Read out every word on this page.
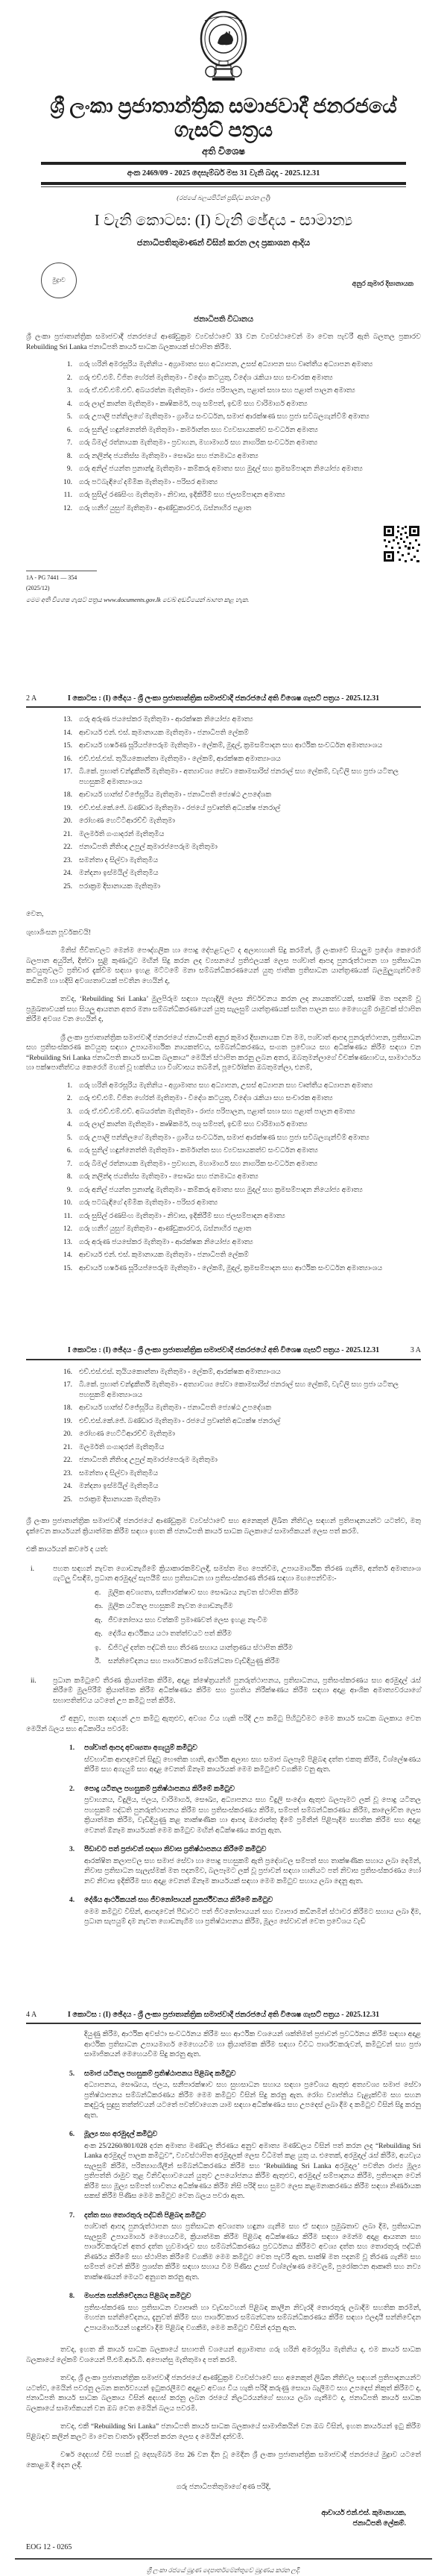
ශ්‍රී ලංකා ප්‍රජාතාන්ත්‍රික සමාජවාදී ජනරජයේ ගැසට් පත්‍රය
අති විශෙෂ
අංක 2469/09 - 2025 දෙසැම්බර් මස 31 වැනි බදාදා - 2025.12.31
(රජයේ බලයපිටින් ප්‍රසිද්ධ කරන ලදී)
I වැනි කොටස: (I) වැනි ඡේදය - සාමාන්‍ය
ජනාධිපතිතුමාණන් විසින් කරන ලද ප්‍රකාශන ආදිය
මුද්‍රාව	අනුර කුමාර දිසානායක
ජනාධිපති විධානය
ශ්‍රී ලංකා ප්‍රජාතාන්ත්‍රික සමාජවාදී ජනරජයේ ආණ්ඩුක්‍රම ව්‍යවස්ථාවේ 33 වන ව්‍යවස්ථාවෙන් මා වෙත පැවරී ඇති බලතල ප්‍රකාරව Rebuilding Sri Lanka ජනාධිපති කාර්ය සාධක බලකායක් ස්ථාපිත කිරීම.
1. ගරු හරිනි අමරසූරිය මැතිනිය - අග්‍රාමාත්‍ය සහ අධ්‍යාපන, උසස් අධ්‍යාපන සහ වෘත්තීය අධ්‍යාපන අමාත්‍ය
2. ගරු එච්.එම්. විජිත හේරත් මැතිතුමා - විදේශ කටයුතු, විදේශ රැකියා සහ සංචාරක අමාත්‍ය
3. ගරු ඒ.එච්.එම්.එච්. අබයරත්න මැතිතුමා - රාජ්‍ය පරිපාලන, පළාත් සභා සහ පළාත් පාලන අමාත්‍ය
4. ගරු ලාල් කාන්ත මැතිතුමා - කෘෂිකර්ම, පශු සම්පත්, ඉඩම් සහ වාරිමාර්ග අමාත්‍ය
5. ගරු උපාලි පන්නිලගේ මැතිතුමා - ග්‍රාමීය සංවර්ධන, සමාජ ආරක්ෂණ සහ ප්‍රජා සවිබලගැන්වීම් අමාත්‍ය
6. ගරු සුනිල් හඳුන්නෙත්ති මැතිතුමා - කර්මාන්ත සහ ව්‍යවසායකත්ව සංවර්ධන අමාත්‍ය
7. ගරු බිමල් රත්නායක මැතිතුමා - ප්‍රවාහන, මහාමාර්ග සහ නාගරික සංවර්ධන අමාත්‍ය
8. ගරු නලින්ද ජයතිස්ස මැතිතුමා - සෞඛ්‍ය සහ ජනමාධ්‍ය අමාත්‍ය
9. ගරු අනිල් ජයන්ත ප්‍රනාන්දු මැතිතුමා - කම්කරු අමාත්‍ය සහ මුදල් සහ ක්‍රමසම්පාදන නියෝජ්‍ය අමාත්‍ය
10. ගරු පටබැඳිගේ දම්මික මැතිතුමා - පරිසර අමාත්‍ය
11. ගරු සුසිල් රණසිංහ මැතිතුමා - නිවාස, ඉදිකිරීම් සහ ජලසම්පාදන අමාත්‍ය
12. ගරු හනීෆ් යුසුෆ් මැතිතුමා - ආණ්ඩුකාරවර, බස්නාහිර පළාත
1A - PG 7441 — 354 (2025/12)
මෙම අති විශෙෂ ගැසට් පත්‍රය www.documents.gov.lk වෙබ් අඩවියෙන් බාගත කළ හැක.
2 A	I කොටස : (I) ඡේදය - ශ්‍රී ලංකා ප්‍රජාතාන්ත්‍රික සමාජවාදී ජනරජයේ අති විශෙෂ ගැසට් පත්‍රය - 2025.12.31
13. ගරු අරුණ ජයසේකර මැතිතුමා - ආරක්ෂක නියෝජ්‍ය අමාත්‍ය
14. ආචාර්ය එන්. එස්. කුමානායක මැතිතුමා - ජනාධිපති ලේකම්
15. ආචාර්ය හර්ෂණ සූරියප්පෙරුම මැතිතුමා - ලේකම්, මුදල්, ක්‍රමසම්පාදන සහ ආර්ථික සංවර්ධන අමාත්‍යාංශය
16. එච්.එස්.එස්. තුයියකොන්තා මැතිතුමා - ලේකම්, ආරක්ෂක අමාත්‍යාංශය
17. බී.කේ. ප්‍රභාත් චන්ද්‍රකීර්ති මැතිතුමා - අත්‍යාවශ්‍ය සේවා කොමසාරිස් ජනරාල් සහ ලේකම්, වැවිලි සහ ප්‍රජා යටිතල පහසුකම් අමාත්‍යාංශය
18. ආචාර්ය හාන්ස් විජේසූරිය මැතිතුමා - ජනාධිපති ජ්‍යෙෂ්ඨ උපදේශක
19. එච්.එස්.කේ.ජේ. බණ්ඩාර මැතිතුමා - රජයේ ප්‍රවෘත්ති අධ්‍යක්ෂ ජනරාල්
20. රෝහණ හෙට්ටිආරච්චි මැතිතුමා
21. මලර්මති ගංගාදරන් මැතිතුමිය
22. ජනාධිපති නීතිඥ උපුල් කුමාරප්පෙරුම මැතිතුමා
23. සමන්තා ද සිල්වා මැතිතුමිය
24. මන්දනා ඉස්මයිල් මැතිතුමිය
25. පරාක්‍රම දිසානායක මැතිතුමා
වෙත,
ශුභාශිංසන පූර්වකවයි!
මිනිස් ජීවිතවලට මෙන්ම පෞද්ගලික හා පොදු දේපළවලට ද අලාභහානි සිදු කරමින්, ශ්‍රී ලංකාවේ සියලුම ප්‍රදේශ කෙරෙහි බලපාන අයුරින්, දිත්වා සුළි කුණාටුව මඟින් සිදු කරන ලද ව්‍යසනයේ ප්‍රතිඵලයක් ලෙස පශ්චාත් ආපදා පුනරුත්ථාපන හා ප්‍රතිසාධන කටයුතුවලට ප්‍රතිචාර දැක්වීම සඳහා ඉහළ මට්ටමේ මනා සම්බන්ධීකරණයෙන් යුතු ජාතික ප්‍රතිසාධන යාන්ත්‍රණයක් බලමුලුගැන්වීමේ කඩිනම් හා හදිසි අවශ්‍යතාවයක් පවතින හෙයින් ද,
තවද, ‘Rebuilding Sri Lanka’ මුලපිරුම සඳහා පැහැදිලි ලෙස නිර්වචනය කරන ලද නායකත්වයක්, සාක්ෂි මත පදනම් වූ ප්‍රමුඛතාවයක් සහ සියලු ආයතන අතර මනා සම්බන්ධීකරණයෙන් යුතු සැලසුම් යාන්ත්‍රණයක් සහිත පාලන සහ මෙහෙයුම් රාමුවක් ස්ථාපිත කිරීම අවශ්‍ය වන හෙයින් ද,
ශ්‍රී ලංකා ප්‍රජාතාන්ත්‍රික සමාජවාදී ජනරජයේ ජනාධිපති අනුර කුමාර දිසානායක වන මම, පශ්චාත් ආපදා පුනරුත්ථාපන, ප්‍රතිසාධන සහ ප්‍රතිසංස්කරණ කටයුතු සඳහා උපායමාර්ගික නායකත්වය, සම්බන්ධීකරණය, සංගත ප්‍රවේශය සහ අධීක්ෂණය කිරීම සඳහා වන “Rebuilding Sri Lanka ජනාධිපති කාර්ය සාධක බලකාය” මෙයින් ස්ථාපිත කරනු ලබන අතර, ඔබතුමන්ලාගේ විචක්ෂණභාවය, සාමාර්ථ්‍යය හා පක්ෂපාතීත්වය කෙරෙහි මහත් වූ භක්තිය හා විශ්වාසය තබමින්, පූර්වෝක්ත ඔබතුමන්ලා, එනම්,
1. ගරු හරිනි අමරසූරිය මැතිනිය - අග්‍රාමාත්‍ය සහ අධ්‍යාපන, උසස් අධ්‍යාපන සහ වෘත්තීය අධ්‍යාපන අමාත්‍ය
2. ගරු එච්.එම්. විජිත හේරත් මැතිතුමා - විදේශ කටයුතු, විදේශ රැකියා සහ සංචාරක අමාත්‍ය
3. ගරු ඒ.එච්.එම්.එච්. අබයරත්න මැතිතුමා - රාජ්‍ය පරිපාලන, පළාත් සභා සහ පළාත් පාලන අමාත්‍ය
4. ගරු ලාල් කාන්ත මැතිතුමා - කෘෂිකර්ම, පශු සම්පත්, ඉඩම් සහ වාරිමාර්ග අමාත්‍ය
5. ගරු උපාලි පන්නිලගේ මැතිතුමා - ග්‍රාමීය සංවර්ධන, සමාජ ආරක්ෂණ සහ ප්‍රජා සවිබලගැන්වීම් අමාත්‍ය
6. ගරු සුනිල් හඳුන්නෙත්ති මැතිතුමා - කර්මාන්ත සහ ව්‍යවසායකත්ව සංවර්ධන අමාත්‍ය
7. ගරු බිමල් රත්නායක මැතිතුමා - ප්‍රවාහන, මහාමාර්ග සහ නාගරික සංවර්ධන අමාත්‍ය
8. ගරු නලින්ද ජයතිස්ස මැතිතුමා - සෞඛ්‍ය සහ ජනමාධ්‍ය අමාත්‍ය
9. ගරු අනිල් ජයන්ත ප්‍රනාන්දු මැතිතුමා - කම්කරු අමාත්‍ය සහ මුදල් සහ ක්‍රමසම්පාදන නියෝජ්‍ය අමාත්‍ය
10. ගරු පටබැඳිගේ දම්මික මැතිතුමා - පරිසර අමාත්‍ය
11. ගරු සුසිල් රණසිංහ මැතිතුමා - නිවාස, ඉදිකිරීම් සහ ජලසම්පාදන අමාත්‍ය
12. ගරු හනීෆ් යුසුෆ් මැතිතුමා - ආණ්ඩුකාරවර, බස්නාහිර පළාත
13. ගරු අරුණ ජයසේකර මැතිතුමා - ආරක්ෂක නියෝජ්‍ය අමාත්‍ය
14. ආචාර්ය එන්. එස්. කුමානායක මැතිතුමා - ජනාධිපති ලේකම්
15. ආචාර්ය හර්ෂණ සූරියප්පෙරුම මැතිතුමා - ලේකම්, මුදල්, ක්‍රමසම්පාදන සහ ආර්ථික සංවර්ධන අමාත්‍යාංශය
I කොටස : (I) ඡේදය - ශ්‍රී ලංකා ප්‍රජාතාන්ත්‍රික සමාජවාදී ජනරජයේ අති විශෙෂ ගැසට් පත්‍රය - 2025.12.31	3 A
16. එච්.එස්.එස්. තුයියකොන්තා මැතිතුමා - ලේකම්, ආරක්ෂක අමාත්‍යාංශය
17. බී.කේ. ප්‍රභාත් චන්ද්‍රකීර්ති මැතිතුමා - අත්‍යාවශ්‍ය සේවා කොමසාරිස් ජනරාල් සහ ලේකම්, වැවිලි සහ ප්‍රජා යටිතල පහසුකම් අමාත්‍යාංශය
18. ආචාර්ය හාන්ස් විජේසූරිය මැතිතුමා - ජනාධිපති ජ්‍යෙෂ්ඨ උපදේශක
19. එච්.එස්.කේ.ජේ. බණ්ඩාර මැතිතුමා - රජයේ ප්‍රවෘත්ති අධ්‍යක්ෂ ජනරාල්
20. රෝහණ හෙට්ටිආරච්චි මැතිතුමා
21. මලර්මති ගංගාදරන් මැතිතුමිය
22. ජනාධිපති නීතිඥ උපුල් කුමාරප්පෙරුම මැතිතුමා
23. සමන්තා ද සිල්වා මැතිතුමිය
24. මන්දනා ඉස්මයිල් මැතිතුමිය
25. පරාක්‍රම දිසානායක මැතිතුමා
ශ්‍රී ලංකා ප්‍රජාතාන්ත්‍රික සමාජවාදී ජනරජයේ ආණ්ඩුක්‍රම ව්‍යවස්ථාවේ සහ අනෙකුත් ලිඛිත නීතිවල සඳහන් ප්‍රතිපාදනයන්ට යටත්ව, මතු දැක්වෙන කාර්යයන් ක්‍රියාත්මක කිරීම සඳහා ඉහත කී ජනාධිපති කාර්ය සාධක බලකායේ සාමාජිකයන් ලෙස පත් කරමි.
එකී කාර්යයන් කවරේ ද යත්:
i.	පහත සඳහන් නැවත ගොඩනැගීමේ ක්‍රියාකාරකම්වලදී, සමස්ත මඟ පෙන්වීම, උපායමාර්ගික තීරණ ගැනීම, අන්තර් අමාත්‍යාංශ ගැටලු විසඳීම, ප්‍රධාන අරමුදල් සැපයීම් සහ ප්‍රතිසාධන හා ප්‍රතිසංස්කරණ තීරණ සඳහා මඟපෙන්වීම:-
අ.	මූලික අවශ්‍යතා, සනීපාරක්ෂාව සහ සෞඛ්‍යය නැවත ස්ථාපිත කිරීම
ආ. මූලික යටිතල පහසුකම් නැවත ගොඩනැගීම
ඇ. ජීවනෝපාය සහ වත්කම් ප්‍රමාණවත් ලෙස ඉහළ නැංවීම
ඈ. දේශීය ආර්ථිකය යථා තත්ත්වයට පත් කිරීම
ඉ.	ඩිජිටල් දත්ත පද්ධති සහ තීරණ සහාය යාන්ත්‍රණය ස්ථාපිත කිරීම
ඊ.	සන්නිවේදනය සහ පාර්ශවකාර සම්බන්ධතා වැඩිදියුණු කිරීම
ii.	ප්‍රධාන කමිටුවේ තීරණ ක්‍රියාත්මක කිරීම, අදාළ ක්ෂේත්‍රයන්හි පුනරුත්ථාපනය, ප්‍රතිසාධනය, ප්‍රතිසංස්කරණය සහ අරමුදල් රැස් කිරීමේ මුලපිරීම් ක්‍රියාත්මක කිරීම අධීක්ෂණය කිරීම සහ ප්‍රගතිය නිරීක්ෂණය කිරීම සඳහා අදාළ ආංශික අමාත්‍යවරයාගේ සභාපතිත්වය යටතේ උප කමිටු පත් කිරීම.
ඒ අනුව, පහත සඳහන් උප කමිටු ඇතුළුව, අවශ්‍ය විය හැකි පරිදි උප කමිටු පිහිටුවීමට මෙම කාර්ය සාධක බලකාය වෙත මෙයින් බලය සහ අධිකාරිය පවරමි:
1.	පශ්චාත් ආපදා අවශ්‍යතා අගැයුම් කමිටුව
ස්වභාවික ආපදාවෙන් සිදුවූ භෞතික හානි, ආර්ථික අලාභ සහ සමාජ බලපෑම් පිළිබඳ දත්ත එකතු කිරීම, විශ්ලේෂණය කිරීම සහ අගැයුම් සහ අදාළ වෙනත් ඕනෑම කාර්යයක් මෙම කමිටුවේ වගකීම වනු ඇත.
2.	පොදු යටිතල පහසුකම් ප්‍රතිෂ්ඨාපනය කිරීමේ කමිටුව
ප්‍රවාහනය, විදුලිය, ජලය, වාරිමාර්ග, සෞඛ්‍ය, අධ්‍යාපනය සහ විදුලි සංදේශ ඇතුළු බලපෑමට ලක් වූ පොදු යටිතල පහසුකම් පද්ධති පුනරුත්ථාපනය කිරීම සහ ප්‍රතිසංස්කරණය කිරීම, සම්පත් සම්බන්ධීකරණය කිරීම, කාලෝචිත ලෙස ක්‍රියාත්මක කිරීම, වැඩිදියුණු කළ තාක්ෂණික හා ආපදා ඔරොත්තු දීමේ ප්‍රමිතීන් පිළිපැදීම සහතික කිරීම සහ අදාළ වෙනත් ඕනෑම කාර්යයක් මෙම කමිටුව මඟින් අධීක්ෂණය කරනු ඇත.
3.	පීඩාවට පත් ප්‍රජාවන් සඳහා නිවාස ප්‍රතිෂ්ඨාපනය කිරීමේ කමිටුව
ආරක්ෂිත කලාපවල සහ සමාජ සේවා හා පොදු පහසුකම් ඇති ප්‍රදේශවල සම්පත් සහ තාක්ෂණික සහාය ලබා දෙමින්, නිවාස ප්‍රතිසාධන සැලැස්මක් මත පදනම්ව, බලපෑමට ලක් වූ ප්‍රජාවන් සඳහා හානියට පත් නිවාස ප්‍රතිසංස්කරණය හෝ නව නිවාස ඉදිකිරීම සහ අදාළ වෙනත් ඕනෑම කාර්යයක් සඳහා මෙම කමිටුව සහාය ලබා දෙනු ඇත.
4.	දේශීය ආර්ථිකයන් සහ ජීවනෝපායන් පුනර්ජීවනය කිරීමේ කමිටුව
මෙම කමිටුව විසින්, ආපදාවෙන් පීඩාවට පත් ජීවනෝපායයන් සහ ව්‍යාපාර කඩිනමින් ස්ථාවර කිරීමට සහාය ලබා දීම, ප්‍රධාන සැපයුම් දාම නැවත ගොඩනැගීම හා ප්‍රතිෂ්ඨාපනය කිරීම, මූල්‍ය සේවාවන් වෙත ප්‍රවේශය වැඩි
4 A	I කොටස : (I) ඡේදය - ශ්‍රී ලංකා ප්‍රජාතාන්ත්‍රික සමාජවාදී ජනරජයේ අති විශෙෂ ගැසට් පත්‍රය - 2025.12.31
දියුණු කිරීම, ආර්ථික අවස්ථා සංවර්ධනය කිරීම සහ ආර්ථික වශයෙන් ශක්තිමත් ප්‍රජාවන් ප්‍රවර්ධනය කිරීම සඳහා අදාළ ආර්ථික ප්‍රතිසාධන උපායමාර්ග මෙහෙයවීම හා ක්‍රියාත්මක කිරීම සඳහා විවිධ පාර්ශ්වකරුවන්, කමිටුවන් සහ ප්‍රජා සාමාජිකයන් මෙහෙයවීම සිදු කරනු ඇත.
5.	සමාජ යටිතල පහසුකම් ප්‍රතිෂ්ඨාපනය පිළිබඳ කමිටුව
අධ්‍යාපනය, සෞඛ්‍යය, ජලය, සනීපාරක්ෂාව සහ සුභසාධන සහාය සඳහා ප්‍රවේශය ඇතුළු අත්‍යවශ්‍ය සමාජ සේවා ප්‍රතිෂ්ඨාපනය සම්බන්ධීකරණය කිරීම මෙම කමිටුව විසින් සිදු කරනු ඇත. රෝග ව්‍යාප්තිය වැළැක්වීම සහ සහන කඳවුරු සුදුසු තත්ත්වයන් යටතේ පවත්වාගෙන යාම සඳහා අධීක්ෂණය සහ උපදෙස් ලබා දීම ද කමිටුව විසින් සිදු කරනු ඇත.
6.	මූල්‍ය සහ අරමුදල් කමිටුව
අංක 25/2260/801/028 දරන අමාත්‍ය මණ්ඩල තීරණය අනුව අමාත්‍ය මණ්ඩලය විසින් පත් කරන ලද “Rebuilding Sri Lanka අරමුදල් පාලක කමිටුව”, ව්‍යවස්ථාපිත අරමුදලක් ලෙස විධිමත් කළ යුතු ය. එතෙක්, අරමුදල් රැස් කිරීම, අයවැය සැලසුම් කිරීම, පරිත්‍යාගශීලීන් සම්බන්ධීකරණය කිරීම සහ ‘Rebuilding Sri Lanka අරමුදල’ පවතින රාජ්‍ය මූල්‍ය ප්‍රතිපත්ති රාමුව තුළ විනිවිදභාවයෙන් යුතුව උපයෝජනය කිරීම ඇතුළුව, අරමුදල් සම්පාදනය කිරීම, ප්‍රතිපාදන වෙන් කිරීම සහ මූල්‍ය සම්පත් භාවිතය අධීක්ෂණය කිරීම නිසි පරිදි සහ සුමට ලෙස කළමනාකරණය කිරීම සඳහා නිර්ණායක සකස් කිරීම පිණිස මෙම කමිටුව වෙත බලය පවරා ඇත.
7.	දත්ත සහ තොරතුරු පද්ධති පිළිබඳ කමිටුව
පශ්චාත් ආපදා පුනරුත්ථාපන සහ ප්‍රතිසාධන අවශ්‍යතා හඳුනා ගැනීම සහ ඒ සඳහා ප්‍රමුඛතාව ලබා දීම, ප්‍රතිසාධන සැලසුම් උපායමාර්ග මෙහෙයවීම, ක්‍රියාත්මක කිරීම පිළිබඳ අධීක්ෂණය කිරීම සඳහා මෙන්ම අදාළ ආයතන සහ පාර්ශ්වකරුවන් අතර දත්ත හුවමාරුව සහ සම්බන්ධීකරණය ප්‍රවර්ධනය කිරීමට අවශ්‍ය දත්ත සහ තොරතුරු පද්ධති නිර්ණය කිරීමේ සහ ස්ථාපිත කිරීමේ වගකීම මෙම කමිටුව වෙත පැවරී ඇත. සාක්ෂි මත පදනම් වූ තීරණ ගැනීම සහ සම්පත් වෙන් කිරීම ප්‍රශස්ත කිරීම සඳහා සහාය වීම පිණිස උසස් විශ්ලේෂණ මෙවලම්, පුරෝකථන ආකෘති සහ නව්‍ය තාක්ෂණයන් මෙයට අනුගත කරනු ඇත.
8.	මහජන සන්නිවේදනය පිළිබඳ කමිටුව
ප්‍රතිසංස්කරණ සහ ප්‍රතිසාධන ව්‍යාපෘති හා වැඩසටහන් පිළිබඳ කාලීන නිවැරදි තොරතුරු ලබාදීම සහතික කරමින්, මහජන සන්නිවේදනය, දැනුවත් කිරීම සහ පාර්ශ්වකාර සම්බන්ධතා සම්බන්ධීකරණය කිරීම සඳහා ඵලදායී සන්නිවේදන උපායමාර්ගයන් හඳුන්වා දීම පිළිබඳ වගකීම, මෙම කමිටුව විසින් දරනු ඇත.
තවද, ඉහත කී කාර්ය සාධක බලකායේ සභාපති වශයෙන් අග්‍රාමාත්‍ය ගරු හරිනි අමරසූරිය මැතිනිය ද, එම කාර්ය සාධක බලකායේ ලේකම් වශයෙන් පී.එම්.ආර්.බී. අපොන්සු මැතිතුමා ද පත් කරමි.
තවද, ශ්‍රී ලංකා ප්‍රජාතාන්ත්‍රික සමාජවාදී ජනරජයේ ආණ්ඩුක්‍රම ව්‍යවස්ථාවේ සහ අනෙකුත් ලිඛිත නීතිවල සඳහන් ප්‍රතිපාදනයන්ට යටත්ව, මෙයින් පවරනු ලබන කර්තව්‍යයන් ඉටුකරලීමට අදාළව අවශ්‍ය විය හැකි පරිදි කරුණු සොයා බැලීමට සහ උපදෙස් නිකුත් කිරීමට ද, ජනාධිපති කාර්ය සාධක බලකාය විසින් අදහස් කරනු ලබන රජයේ නිලධරයන්ගේ සහාය ලබා ගැනීමට ද, ජනාධිපති කාර්ය සාධක බලකායේ සාමාජිකයන් වන ඔබ වෙත මෙයින් බලය පවරමි.
තවද, එකී “Rebuilding Sri Lanka” ජනාධිපති කාර්ය සාධක බලකායේ සාමාජිකයින් වන ඔබ විසින්, ඉහත කාර්යයන් ඉටු කිරීම පිළිබඳව කලින් කලට මා වෙත වාර්තා ඉදිරිපත් කරන ලෙස ද මෙයින් දන්වමි.
වර්ෂ දෙදහස් විසි පහක් වූ දෙසැම්බර් මස 26 වන දින වූ මෙදින ශ්‍රී ලංකා ප්‍රජාතාන්ත්‍රික සමාජවාදී ජනරජයේ මුද්‍රාව යටතේ කොළඹ දී දෙන ලදී.
ගරු ජනාධිපතිතුමාගේ අණ පරිදි,
ආචාර්ය එන්.එස්. කුමානායක,
ජනාධිපති ලේකම්.
EOG 12 - 0265
ශ්‍රී ලංකා රජයේ මුද්‍රණ දෙපාර්තමේන්තුවේ මුද්‍රණය කරන ලදී.
